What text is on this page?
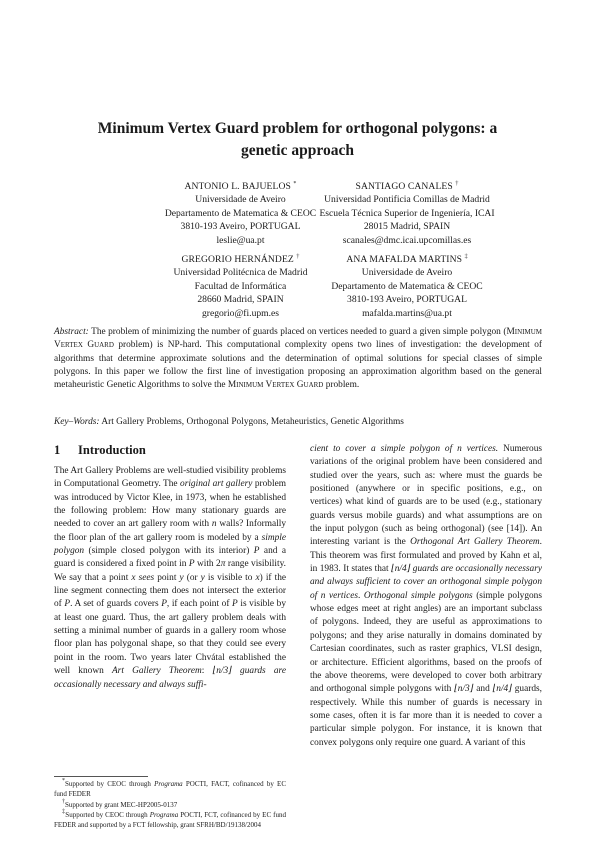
Minimum Vertex Guard problem for orthogonal polygons: a
genetic approach
ANTONIO L. BAJUELOS *
Universidade de Aveiro
Departamento de Matematica & CEOC
3810-193 Aveiro, PORTUGAL
leslie@ua.pt
SANTIAGO CANALES †
Universidad Pontificia Comillas de Madrid
Escuela Técnica Superior de Ingeniería, ICAI
28015 Madrid, SPAIN
scanales@dmc.icai.upcomillas.es
GREGORIO HERNÁNDEZ †
Universidad Politécnica de Madrid
Facultad de Informática
28660 Madrid, SPAIN
gregorio@fi.upm.es
ANA MAFALDA MARTINS ‡
Universidade de Aveiro
Departamento de Matematica & CEOC
3810-193 Aveiro, PORTUGAL
mafalda.martins@ua.pt
Abstract: The problem of minimizing the number of guards placed on vertices needed to guard a given simple polygon (Minimum Vertex Guard problem) is NP-hard. This computational complexity opens two lines of investigation: the development of algorithms that determine approximate solutions and the determination of optimal solutions for special classes of simple polygons. In this paper we follow the first line of investigation proposing an approximation algorithm based on the general metaheuristic Genetic Algorithms to solve the Minimum Vertex Guard problem.
Key–Words: Art Gallery Problems, Orthogonal Polygons, Metaheuristics, Genetic Algorithms
1 Introduction

The Art Gallery Problems are well-studied visibility problems in Computational Geometry. The original art gallery problem was introduced by Victor Klee, in 1973, when he established the following problem: How many stationary guards are needed to cover an art gallery room with n walls? Informally the floor plan of the art gallery room is modeled by a simple polygon (simple closed polygon with its interior) P and a guard is considered a fixed point in P with 2π range visibility. We say that a point x sees point y (or y is visible to x) if the line segment connecting them does not intersect the exterior of P. A set of guards covers P, if each point of P is visible by at least one guard. Thus, the art gallery problem deals with setting a minimal number of guards in a gallery room whose floor plan has polygonal shape, so that they could see every point in the room. Two years later Chvátal established the well known Art Gallery Theorem: ⌊n/3⌋ guards are occasionally necessary and always suffi-

cient to cover a simple polygon of n vertices. Numerous variations of the original problem have been considered and studied over the years, such as: where must the guards be positioned (anywhere or in specific positions, e.g., on vertices) what kind of guards are to be used (e.g., stationary guards versus mobile guards) and what assumptions are on the input polygon (such as being orthogonal) (see [14]). An interesting variant is the Orthogonal Art Gallery Theorem. This theorem was first formulated and proved by Kahn et al, in 1983. It states that ⌊n/4⌋ guards are occasionally necessary and always sufficient to cover an orthogonal simple polygon of n vertices. Orthogonal simple polygons (simple polygons whose edges meet at right angles) are an important subclass of polygons. Indeed, they are useful as approximations to polygons; and they arise naturally in domains dominated by Cartesian coordinates, such as raster graphics, VLSI design, or architecture. Efficient algorithms, based on the proofs of the above theorems, were developed to cover both arbitrary and orthogonal simple polygons with ⌊n/3⌋ and ⌊n/4⌋ guards, respectively. While this number of guards is necessary in some cases, often it is far more than it is needed to cover a particular simple polygon. For instance, it is known that convex polygons only require one guard. A variant of this

*Supported by CEOC through Programa POCTI, FACT, cofinanced by EC fund FEDER
†Supported by grant MEC-HP2005-0137
‡Supported by CEOC through Programa POCTI, FCT, cofinanced by EC fund FEDER and supported by a FCT fellowship, grant SFRH/BD/19138/2004
